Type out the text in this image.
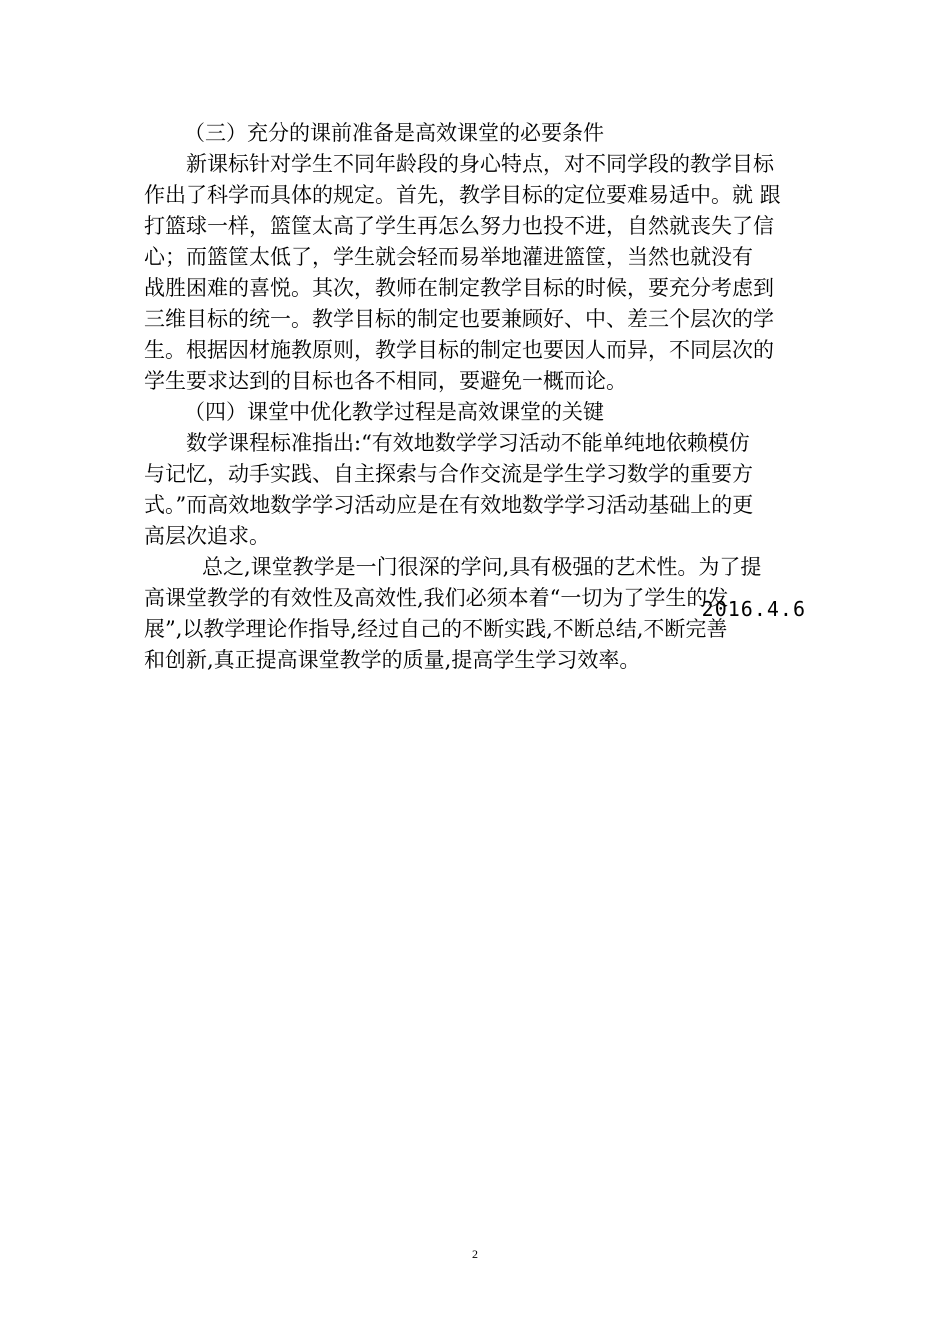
（三）充分的课前准备是高效课堂的必要条件
新课标针对学生不同年龄段的身心特点，对不同学段的教学目标
作出了科学而具体的规定。首先，教学目标的定位要难易适中。就 跟
打篮球一样，篮筐太高了学生再怎么努力也投不进，自然就丧失了信
心；而篮筐太低了，学生就会轻而易举地灌进篮筐，当然也就没有
战胜困难的喜悦。其次，教师在制定教学目标的时候，要充分考虑到
三维目标的统一。教学目标的制定也要兼顾好、中、差三个层次的学
生。根据因材施教原则，教学目标的制定也要因人而异，不同层次的
学生要求达到的目标也各不相同，要避免一概而论。
（四）课堂中优化教学过程是高效课堂的关键
数学课程标准指出:“有效地数学学习活动不能单纯地依赖模仿
与记忆，动手实践、自主探索与合作交流是学生学习数学的重要方
式。”而高效地数学学习活动应是在有效地数学学习活动基础上的更
高层次追求。
总之,课堂教学是一门很深的学问,具有极强的艺术性。为了提
高课堂教学的有效性及高效性,我们必须本着“一切为了学生的发
展”,以教学理论作指导,经过自己的不断实践,不断总结,不断完善
和创新,真正提高课堂教学的质量,提高学生学习效率。
2016.4.6
2
